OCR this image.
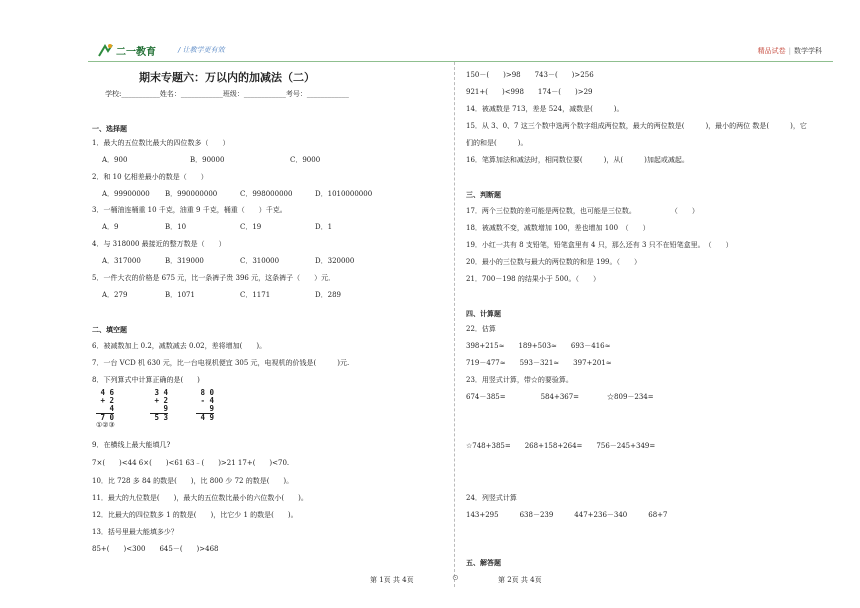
二一教育	/ 让教学更有效	精品试卷 | 数学学科
期末专题六：万以内的加减法（二）
学校:___________姓名：____________班级：____________考号：____________
一、选择题
1．最大的五位数比最大的四位数多（　　）
A．900	B．90000	C．9000
2．和 10 亿相差最小的数是（　　）
A．99900000 B．990000000	C．998000000	D．1010000000
3．一桶油连桶重 10 千克，油重 9 千克，桶重（　　）千克。
A．9	B．10	C．19	D．1
4．与 318000 最接近的整万数是（　　）
A．317000	B．319000	C．310000	D．320000
5．一件大衣的价格是 675 元，比一条裤子贵 396 元，这条裤子（　　）元．
A．279	B．1071	C．1171	D．289
二、填空题
6．被减数加上 0.2，减数减去 0.02，差将增加(　　)。
7．一台 VCD 机 630 元，比一台电视机便宜 305 元，电视机的价钱是(　　　)元.
8．下列算式中计算正确的是(　　)
4 6
+ 2 4
7 0
3 4
+ 2 9
5 3
8 0
- 4 9
4 9
①②③
9．在横线上最大能填几?
7×(　　)<44 6×(　　)<61 63﹣(　　)>21 17+(　　)<70.
10．比 728 多 84 的数是(　　)，比 800 少 72 的数是(　　)。
11．最大的九位数是(　　)，最大的五位数比最小的六位数小(　　)。
12．比最大的四位数多 1 的数是(　　)，比它少 1 的数是(　　)。
13．括号里最大能填多少？
85+(　　)<300　　645－(　　)>468
150－(　　)>98　　743－(　　)>256
921+(　　)<998　　174－(　　)>29
14．被减数是 713，差是 524，减数是(　　　)。
15．从 3、0、7 这三个数中选两个数字组成两位数，最大的两位数是(　　　)，最小的两位 数是(　　　)，它
们的和是(　　　)。
16．笔算加法和减法时，相同数位要(　　　)，从(　　　)加起或减起。
三、判断题
17．两个三位数的差可能是两位数，也可能是三位数。　　　　　　（　　）
18．被减数不变，减数增加 100，差也增加 100　（　　）
19．小红一共有 8 支铅笔，铅笔盒里有 4 只，那么还有 3 只不在铅笔盒里。　（　　）
20．最小的三位数与最大的两位数的和是 199。（　　）
21．700－198 的结果小于 500。（　　）
四、计算题
22．估算
398+215≈　　189+503≈　　693－416≈
719－477≈　　593－321≈　　397+201≈
23．用竖式计算，带☆的要验算。
674－385=　　　　　584+367=　　　　☆809－234=
☆748+385=　　268+158+264=　　756－245+349=
24．列竖式计算
143+295　　　638－239　　　447+236－340　　　68+7
五、解答题
第 1页 共 4页	⊙	第 2页 共 4页
